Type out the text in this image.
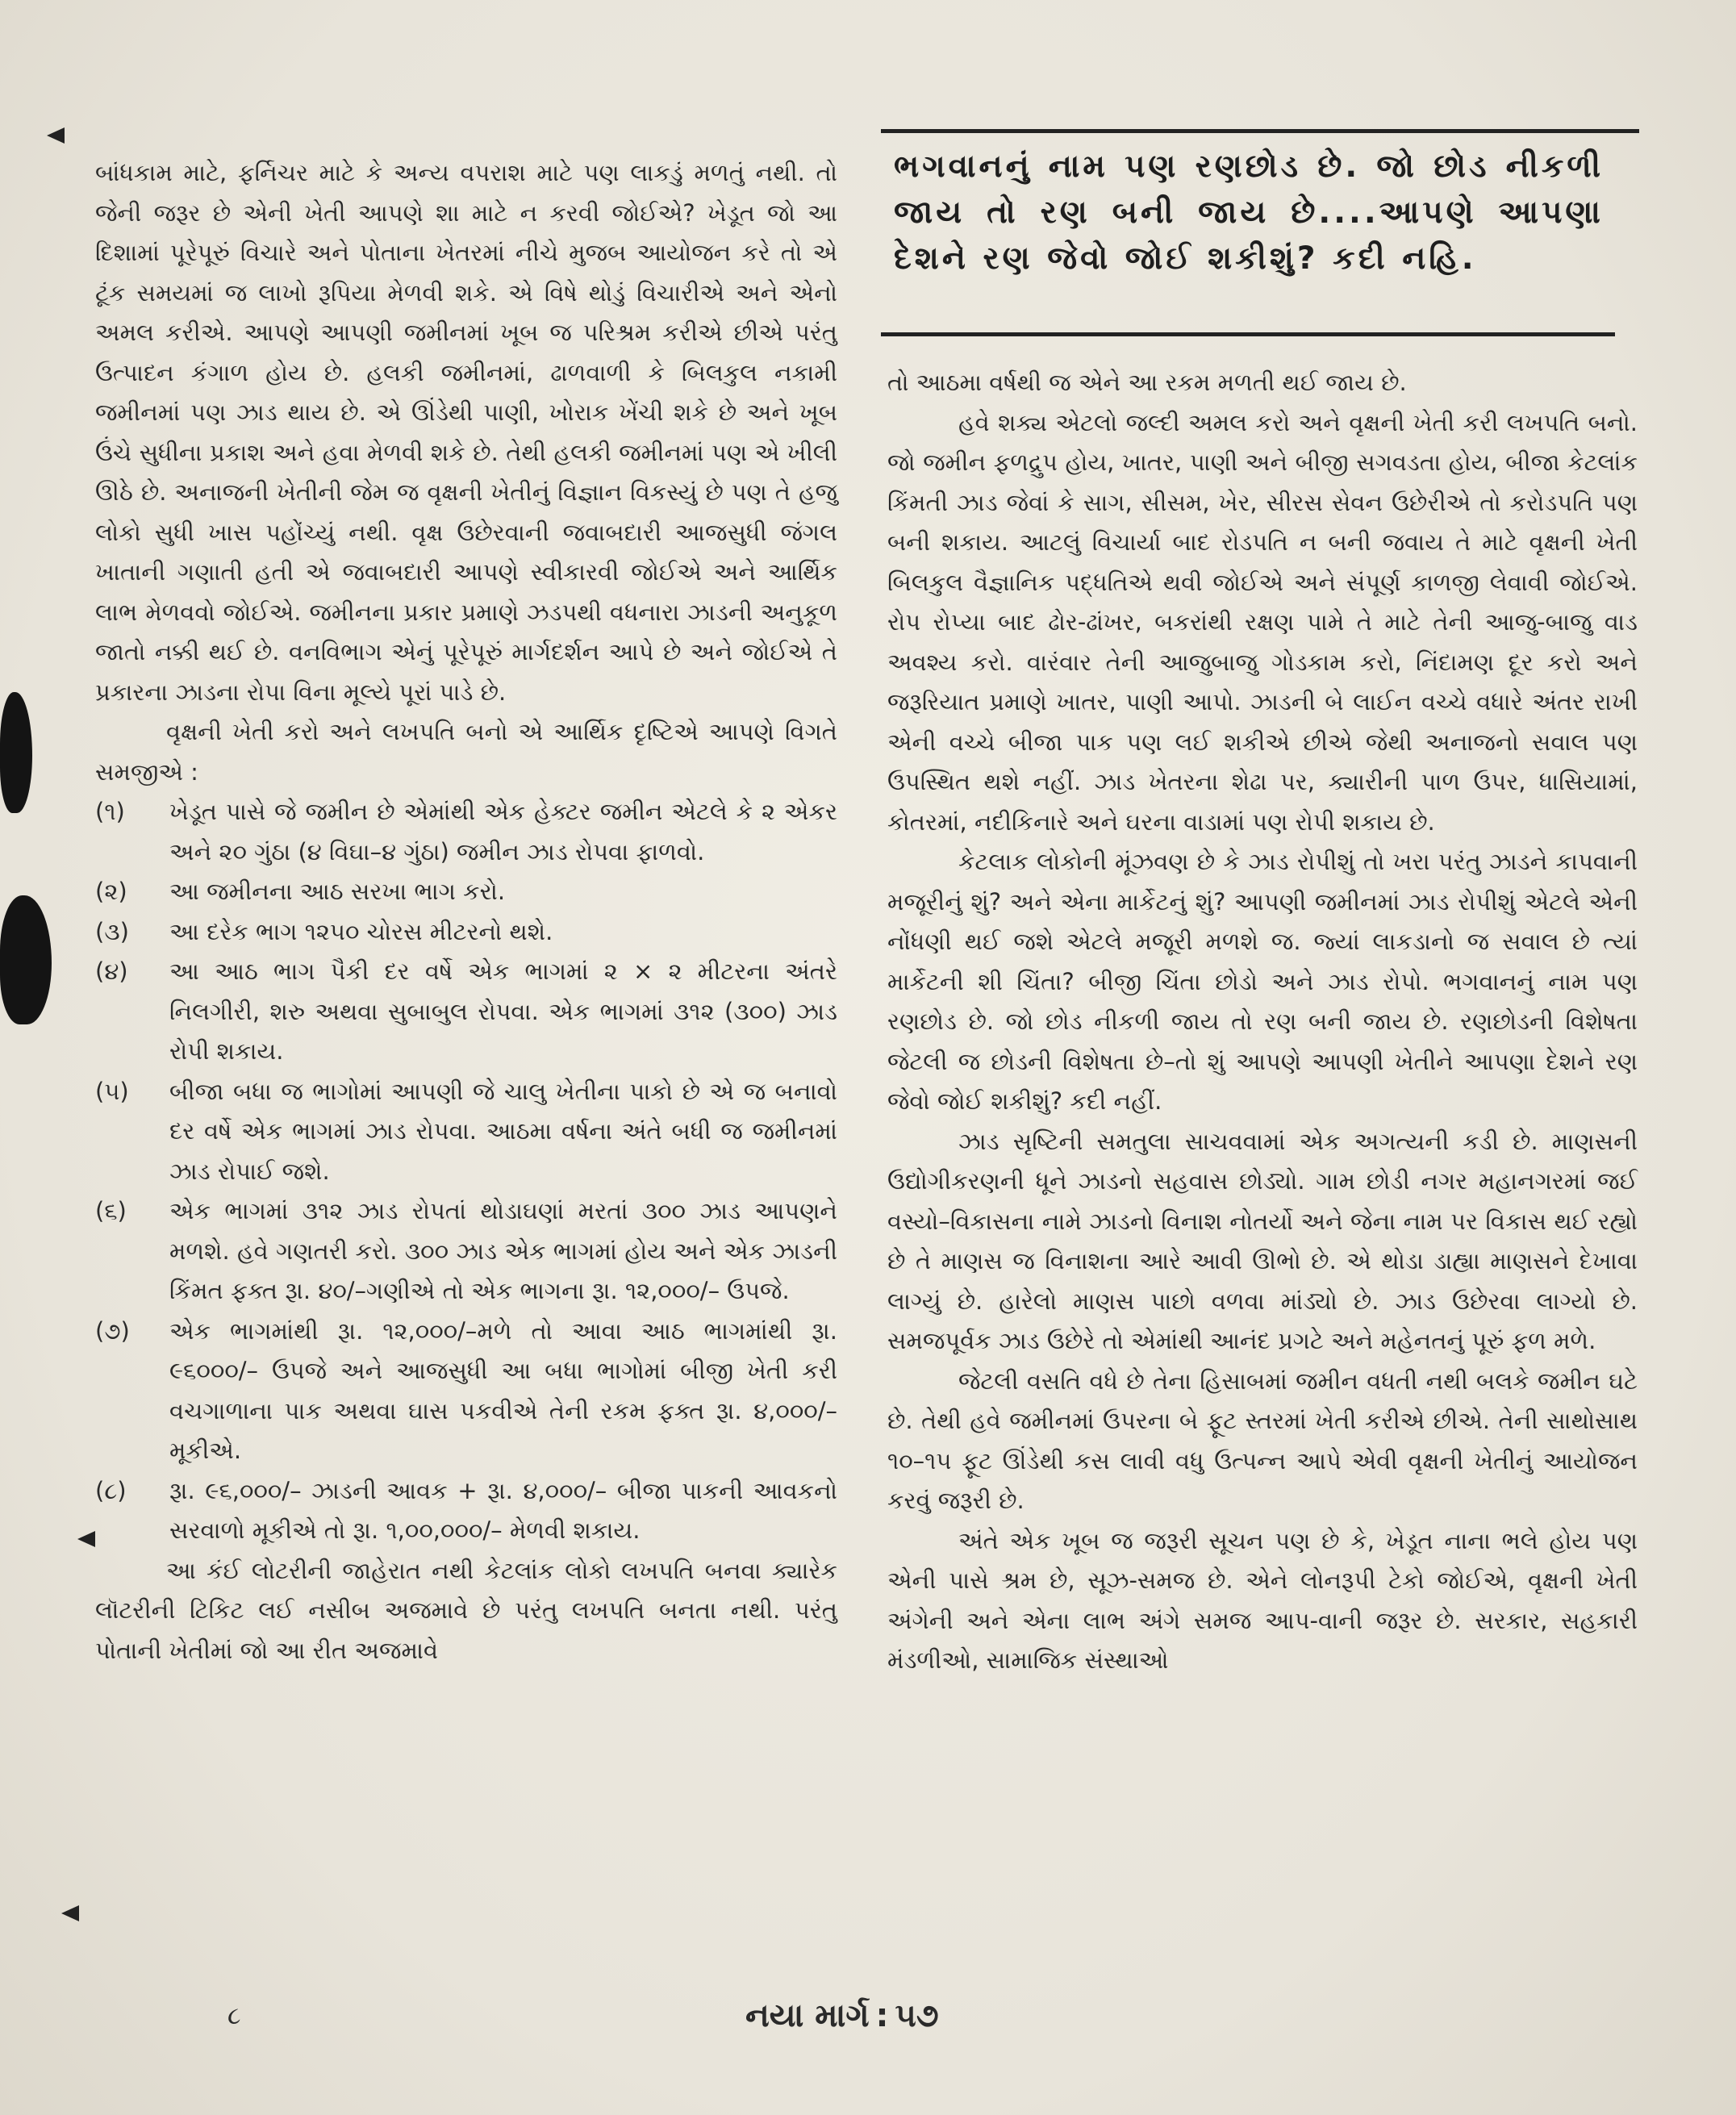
બાંધકામ માટે, ફર્નિચર માટે કે અન્ય વપરાશ માટે પણ લાકડું મળતું નથી. તો જેની જરૂર છે એની ખેતી આપણે શા માટે ન કરવી જોઈએ? ખેડૂત જો આ દિશામાં પૂરેપૂરું વિચારે અને પોતાના ખેતરમાં નીચે મુજબ આયોજન કરે તો એ ટૂંક સમયમાં જ લાખો રૂપિયા મેળવી શકે. એ વિષે થોડું વિચારીએ અને એનો અમલ કરીએ. આપણે આપણી જમીનમાં ખૂબ જ પરિશ્રમ કરીએ છીએ પરંતુ ઉત્પાદન કંગાળ હોય છે. હલકી જમીનમાં, ઢાળવાળી કે બિલકુલ નકામી જમીનમાં પણ ઝાડ થાય છે. એ ઊંડેથી પાણી, ખોરાક ખેંચી શકે છે અને ખૂબ ઉંચે સુધીના પ્રકાશ અને હવા મેળવી શકે છે. તેથી હલકી જમીનમાં પણ એ ખીલી ઊઠે છે. અનાજની ખેતીની જેમ જ વૃક્ષની ખેતીનું વિજ્ઞાન વિકસ્યું છે પણ તે હજુ લોકો સુધી ખાસ પહોંચ્યું નથી. વૃક્ષ ઉછેરવાની જવાબદારી આજસુધી જંગલ ખાતાની ગણાતી હતી એ જવાબદારી આપણે સ્વીકારવી જોઈએ અને આર્થિક લાભ મેળવવો જોઈએ. જમીનના પ્રકાર પ્રમાણે ઝડપથી વધનારા ઝાડની અનુકૂળ જાતો નક્કી થઈ છે. વનવિભાગ એનું પૂરેપૂરું માર્ગદર્શન આપે છે અને જોઈએ તે પ્રકારના ઝાડના રોપા વિના મૂલ્યે પૂરાં પાડે છે.

વૃક્ષની ખેતી કરો અને લખપતિ બનો એ આર્થિક દૃષ્ટિએ આપણે વિગતે સમજીએ :

(૧)	ખેડૂત પાસે જે જમીન છે એમાંથી એક હેક્ટર જમીન એટલે કે ૨ એકર અને ૨૦ ગુંઠા (૪ વિઘા–૪ ગુંઠા) જમીન ઝાડ રોપવા ફાળવો.
(૨)	આ જમીનના આઠ સરખા ભાગ કરો.
(૩)	આ દરેક ભાગ ૧૨૫૦ ચોરસ મીટરનો થશે.
(૪)	આ આઠ ભાગ પૈકી દર વર્ષે એક ભાગમાં ૨ × ૨ મીટરના અંતરે નિલગીરી, શરુ અથવા સુબાબુલ રોપવા. એક ભાગમાં ૩૧૨ (૩૦૦) ઝાડ રોપી શકાય.
(૫)	બીજા બધા જ ભાગોમાં આપણી જે ચાલુ ખેતીના પાકો છે એ જ બનાવો દર વર્ષે એક ભાગમાં ઝાડ રોપવા. આઠમા વર્ષના અંતે બધી જ જમીનમાં ઝાડ રોપાઈ જશે.
(૬)	એક ભાગમાં ૩૧૨ ઝાડ રોપતાં થોડાઘણાં મરતાં ૩૦૦ ઝાડ આપણને મળશે. હવે ગણતરી કરો. ૩૦૦ ઝાડ એક ભાગમાં હોય અને એક ઝાડની કિંમત ફક્ત રૂા. ૪૦/–ગણીએ તો એક ભાગના રૂા. ૧૨,૦૦૦/– ઉપજે.
(૭)	એક ભાગમાંથી રૂા. ૧૨,૦૦૦/–મળે તો આવા આઠ ભાગમાંથી રૂા. ૯૬૦૦૦/– ઉપજે અને આજસુધી આ બધા ભાગોમાં બીજી ખેતી કરી વચગાળાના પાક અથવા ઘાસ પકવીએ તેની રકમ ફક્ત રૂા. ૪,૦૦૦/– મૂકીએ.
(૮)	રૂા. ૯૬,૦૦૦/– ઝાડની આવક + રૂા. ૪,૦૦૦/– બીજા પાકની આવકનો સરવાળો મૂકીએ તો રૂા. ૧,૦૦,૦૦૦/– મેળવી શકાય.

આ કંઈ લોટરીની જાહેરાત નથી કેટલાંક લોકો લખપતિ બનવા ક્યારેક લૉટરીની ટિકિટ લઈ નસીબ અજમાવે છે પરંતુ લખપતિ બનતા નથી. પરંતુ પોતાની ખેતીમાં જો આ રીત અજમાવે

ભગવાનનું નામ પણ રણછોડ છે. જો છોડ નીકળી જાય તો રણ બની જાય છે....આપણે આપણા દેશને રણ જેવો જોઈ શકીશું? કદી નહિ.

તો આઠમા વર્ષથી જ એને આ રકમ મળતી થઈ જાય છે.

હવે શક્ય એટલો જલ્દી અમલ કરો અને વૃક્ષની ખેતી કરી લખપતિ બનો. જો જમીન ફળદ્રુપ હોય, ખાતર, પાણી અને બીજી સગવડતા હોય, બીજા કેટલાંક કિંમતી ઝાડ જેવાં કે સાગ, સીસમ, ખેર, સીરસ સેવન ઉછેરીએ તો કરોડપતિ પણ બની શકાય. આટલું વિચાર્યા બાદ રોડપતિ ન બની જવાય તે માટે વૃક્ષની ખેતી બિલકુલ વૈજ્ઞાનિક પદ્ધતિએ થવી જોઈએ અને સંપૂર્ણ કાળજી લેવાવી જોઈએ. રોપ રોપ્યા બાદ ઢોર-ઢાંખર, બકરાંથી રક્ષણ પામે તે માટે તેની આજુ-બાજુ વાડ અવશ્ય કરો. વારંવાર તેની આજુબાજુ ગોડકામ કરો, નિંદામણ દૂર કરો અને જરૂરિયાત પ્રમાણે ખાતર, પાણી આપો. ઝાડની બે લાઈન વચ્ચે વધારે અંતર રાખી એની વચ્ચે બીજા પાક પણ લઈ શકીએ છીએ જેથી અનાજનો સવાલ પણ ઉપસ્થિત થશે નહીં. ઝાડ ખેતરના શેઢા પર, ક્યારીની પાળ ઉપર, ધાસિયામાં, કોતરમાં, નદીકિનારે અને ઘરના વાડામાં પણ રોપી શકાય છે.

કેટલાક લોકોની મૂંઝવણ છે કે ઝાડ રોપીશું તો ખરા પરંતુ ઝાડને કાપવાની મજૂરીનું શું? અને એના માર્કેટનું શું? આપણી જમીનમાં ઝાડ રોપીશું એટલે એની નોંધણી થઈ જશે એટલે મજૂરી મળશે જ. જ્યાં લાકડાનો જ સવાલ છે ત્યાં માર્કેટની શી ચિંતા? બીજી ચિંતા છોડો અને ઝાડ રોપો. ભગવાનનું નામ પણ રણછોડ છે. જો છોડ નીકળી જાય તો રણ બની જાય છે. રણછોડની વિશેષતા જેટલી જ છોડની વિશેષતા છે–તો શું આપણે આપણી ખેતીને આપણા દેશને રણ જેવો જોઈ શકીશું? કદી નહીં.

ઝાડ સૃષ્ટિની સમતુલા સાચવવામાં એક અગત્યની કડી છે. માણસની ઉદ્યોગીકરણની ધૂને ઝાડનો સહવાસ છોડ્યો. ગામ છોડી નગર મહાનગરમાં જઈ વસ્યો–વિકાસના નામે ઝાડનો વિનાશ નોતર્યો અને જેના નામ પર વિકાસ થઈ રહ્યો છે તે માણસ જ વિનાશના આરે આવી ઊભો છે. એ થોડા ડાહ્યા માણસને દેખાવા લાગ્યું છે. હારેલો માણસ પાછો વળવા માંડ્યો છે. ઝાડ ઉછેરવા લાગ્યો છે. સમજપૂર્વક ઝાડ ઉછેરે તો એમાંથી આનંદ પ્રગટે અને મહેનતનું પૂરું ફળ મળે.

જેટલી વસતિ વધે છે તેના હિસાબમાં જમીન વધતી નથી બલકે જમીન ઘટે છે. તેથી હવે જમીનમાં ઉપરના બે ફૂટ સ્તરમાં ખેતી કરીએ છીએ. તેની સાથોસાથ ૧૦–૧૫ ફૂટ ઊંડેથી કસ લાવી વધુ ઉત્પન્ન આપે એવી વૃક્ષની ખેતીનું આયોજન કરવું જરૂરી છે.

અંતે એક ખૂબ જ જરૂરી સૂચન પણ છે કે, ખેડૂત નાના ભલે હોય પણ એની પાસે શ્રમ છે, સૂઝ-સમજ છે. એને લોનરૂપી ટેકો જોઈએ, વૃક્ષની ખેતી અંગેની અને એના લાભ અંગે સમજ આપ-વાની જરૂર છે. સરકાર, સહકારી મંડળીઓ, સામાજિક સંસ્થાઓ

૮	નયા માર્ગ : ૫૭
